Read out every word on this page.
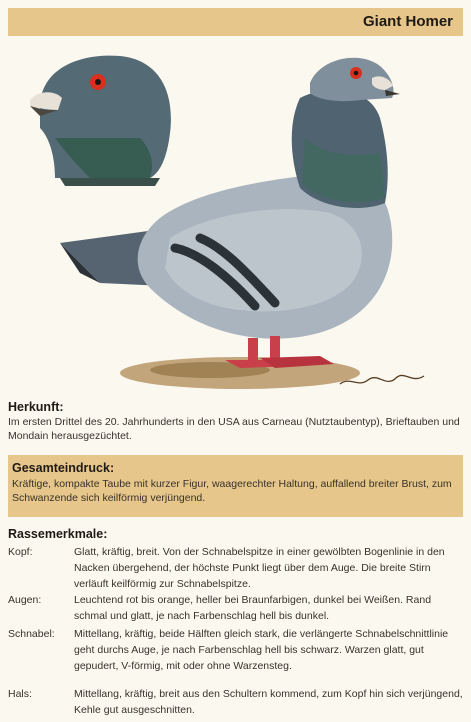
Giant Homer
Herkunft:
Im ersten Drittel des 20. Jahrhunderts in den USA aus Carneau (Nutztaubentyp), Brieftauben und Mondain herausgezüchtet.
Gesamteindruck:
Kräftige, kompakte Taube mit kurzer Figur, waagerechter Haltung, auffallend breiter Brust, zum Schwanzende sich keilförmig verjüngend.
Rassemerkmale:
Kopf:	Glatt, kräftig, breit. Von der Schnabelspitze in einer gewölbten Bogenlinie in den Nacken übergehend, der höchste Punkt liegt über dem Auge. Die breite Stirn verläuft keilförmig zur Schnabelspitze.
Augen:	Leuchtend rot bis orange, heller bei Braunfarbigen, dunkel bei Weißen. Rand schmal und glatt, je nach Farbenschlag hell bis dunkel.
Schnabel:	Mittellang, kräftig, beide Hälften gleich stark, die verlängerte Schnabelschnittlinie geht durchs Auge, je nach Farbenschlag hell bis schwarz. Warzen glatt, gut gepudert, V-förmig, mit oder ohne Warzensteg.
Hals:	Mittellang, kräftig, breit aus den Schultern kommend, zum Kopf hin sich verjüngend, Kehle gut ausgeschnitten.
